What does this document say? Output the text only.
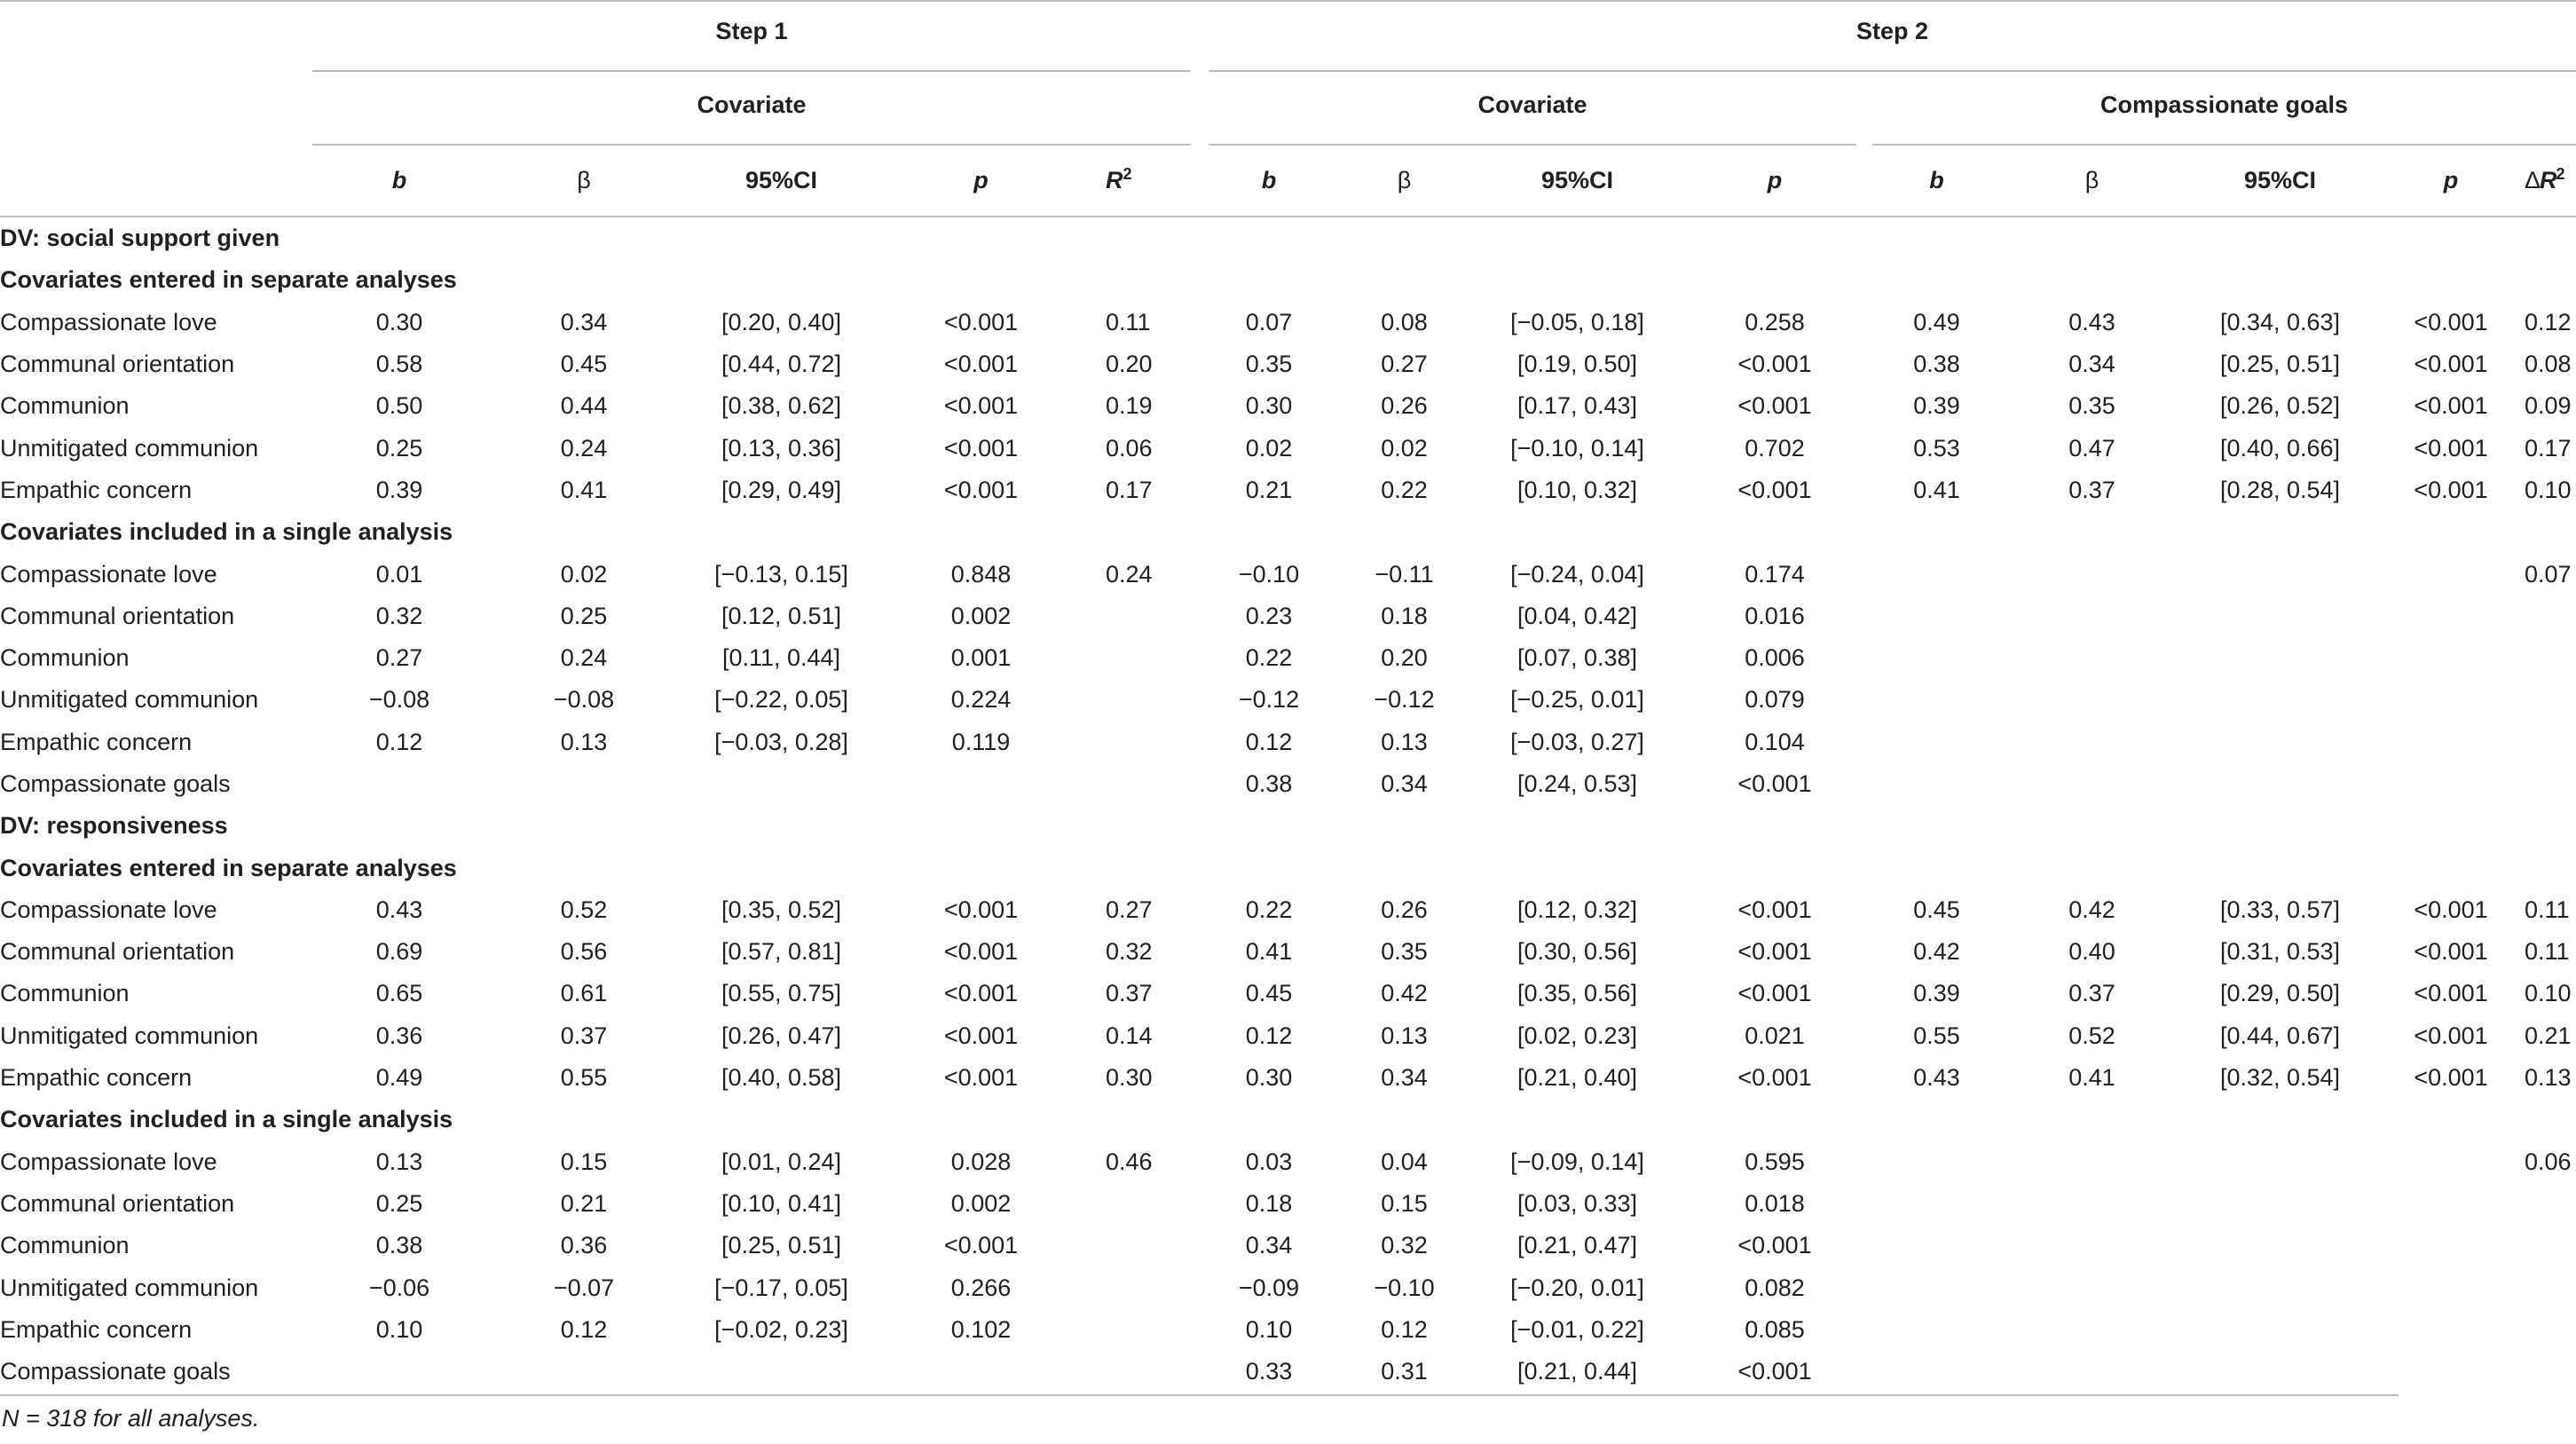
	Step 1					Step 2								

	Covariate					Covariate				Compassionate goals				

	b	β	95%CI	p	$R^2$	b	β	95%CI	p	b	β	95%CI	p	$\Delta R^2$
DV: social support given														
Covariates entered in separate analyses														
Compassionate love	0.30	0.34	[0.20, 0.40]	<0.001	0.11	0.07	0.08	[−0.05, 0.18]	0.258	0.49	0.43	[0.34, 0.63]	<0.001	0.12
Communal orientation	0.58	0.45	[0.44, 0.72]	<0.001	0.20	0.35	0.27	[0.19, 0.50]	<0.001	0.38	0.34	[0.25, 0.51]	<0.001	0.08
Communion	0.50	0.44	[0.38, 0.62]	<0.001	0.19	0.30	0.26	[0.17, 0.43]	<0.001	0.39	0.35	[0.26, 0.52]	<0.001	0.09
Unmitigated communion	0.25	0.24	[0.13, 0.36]	<0.001	0.06	0.02	0.02	[−0.10, 0.14]	0.702	0.53	0.47	[0.40, 0.66]	<0.001	0.17
Empathic concern	0.39	0.41	[0.29, 0.49]	<0.001	0.17	0.21	0.22	[0.10, 0.32]	<0.001	0.41	0.37	[0.28, 0.54]	<0.001	0.10
Covariates included in a single analysis														
Compassionate love	0.01	0.02	[−0.13, 0.15]	0.848	0.24	−0.10	−0.11	[−0.24, 0.04]	0.174					0.07
Communal orientation	0.32	0.25	[0.12, 0.51]	0.002		0.23	0.18	[0.04, 0.42]	0.016					
Communion	0.27	0.24	[0.11, 0.44]	0.001		0.22	0.20	[0.07, 0.38]	0.006					
Unmitigated communion	−0.08	−0.08	[−0.22, 0.05]	0.224		−0.12	−0.12	[−0.25, 0.01]	0.079					
Empathic concern	0.12	0.13	[−0.03, 0.28]	0.119		0.12	0.13	[−0.03, 0.27]	0.104					
Compassionate goals						0.38	0.34	[0.24, 0.53]	<0.001					
DV: responsiveness														
Covariates entered in separate analyses														
Compassionate love	0.43	0.52	[0.35, 0.52]	<0.001	0.27	0.22	0.26	[0.12, 0.32]	<0.001	0.45	0.42	[0.33, 0.57]	<0.001	0.11
Communal orientation	0.69	0.56	[0.57, 0.81]	<0.001	0.32	0.41	0.35	[0.30, 0.56]	<0.001	0.42	0.40	[0.31, 0.53]	<0.001	0.11
Communion	0.65	0.61	[0.55, 0.75]	<0.001	0.37	0.45	0.42	[0.35, 0.56]	<0.001	0.39	0.37	[0.29, 0.50]	<0.001	0.10
Unmitigated communion	0.36	0.37	[0.26, 0.47]	<0.001	0.14	0.12	0.13	[0.02, 0.23]	0.021	0.55	0.52	[0.44, 0.67]	<0.001	0.21
Empathic concern	0.49	0.55	[0.40, 0.58]	<0.001	0.30	0.30	0.34	[0.21, 0.40]	<0.001	0.43	0.41	[0.32, 0.54]	<0.001	0.13
Covariates included in a single analysis														
Compassionate love	0.13	0.15	[0.01, 0.24]	0.028	0.46	0.03	0.04	[−0.09, 0.14]	0.595					0.06
Communal orientation	0.25	0.21	[0.10, 0.41]	0.002		0.18	0.15	[0.03, 0.33]	0.018					
Communion	0.38	0.36	[0.25, 0.51]	<0.001		0.34	0.32	[0.21, 0.47]	<0.001					
Unmitigated communion	−0.06	−0.07	[−0.17, 0.05]	0.266		−0.09	−0.10	[−0.20, 0.01]	0.082					
Empathic concern	0.10	0.12	[−0.02, 0.23]	0.102		0.10	0.12	[−0.01, 0.22]	0.085					
Compassionate goals						0.33	0.31	[0.21, 0.44]	<0.001					
N = 318 for all analyses.
